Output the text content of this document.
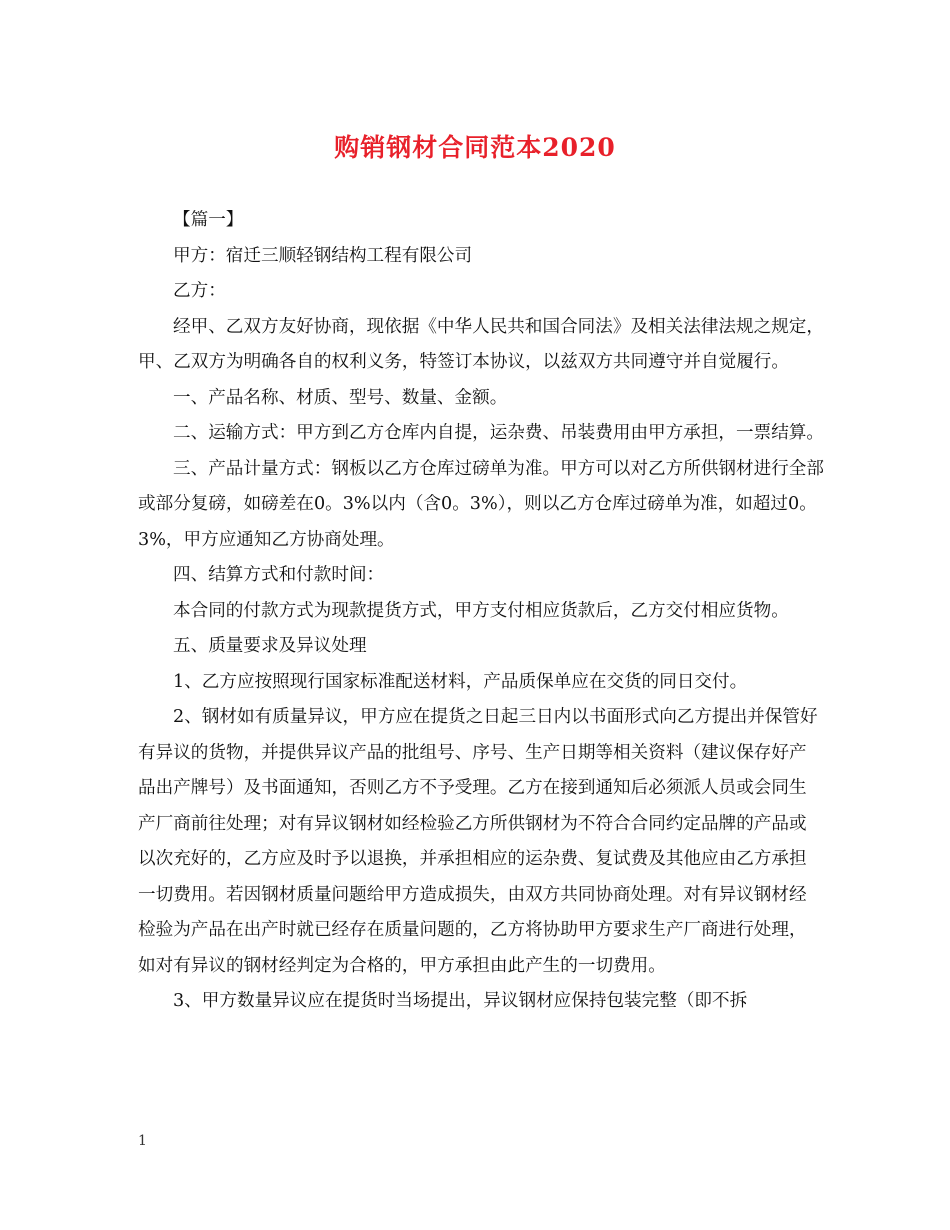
购销钢材合同范本2020

【篇一】

甲方：宿迁三顺轻钢结构工程有限公司

乙方：

经甲、乙双方友好协商，现依据《中华人民共和国合同法》及相关法律法规之规定，甲、乙双方为明确各自的权利义务，特签订本协议，以兹双方共同遵守并自觉履行。

一、产品名称、材质、型号、数量、金额。

二、运输方式：甲方到乙方仓库内自提，运杂费、吊装费用由甲方承担，一票结算。

三、产品计量方式：钢板以乙方仓库过磅单为准。甲方可以对乙方所供钢材进行全部或部分复磅，如磅差在0。3%以内（含0。3%），则以乙方仓库过磅单为准，如超过0。3%，甲方应通知乙方协商处理。

四、结算方式和付款时间：

本合同的付款方式为现款提货方式，甲方支付相应货款后，乙方交付相应货物。

五、质量要求及异议处理

1、乙方应按照现行国家标准配送材料，产品质保单应在交货的同日交付。

2、钢材如有质量异议，甲方应在提货之日起三日内以书面形式向乙方提出并保管好有异议的货物，并提供异议产品的批组号、序号、生产日期等相关资料（建议保存好产品出产牌号）及书面通知，否则乙方不予受理。乙方在接到通知后必须派人员或会同生产厂商前往处理；对有异议钢材如经检验乙方所供钢材为不符合合同约定品牌的产品或以次充好的，乙方应及时予以退换，并承担相应的运杂费、复试费及其他应由乙方承担一切费用。若因钢材质量问题给甲方造成损失，由双方共同协商处理。对有异议钢材经检验为产品在出产时就已经存在质量问题的，乙方将协助甲方要求生产厂商进行处理，如对有异议的钢材经判定为合格的，甲方承担由此产生的一切费用。

3、甲方数量异议应在提货时当场提出，异议钢材应保持包装完整（即不拆

1
